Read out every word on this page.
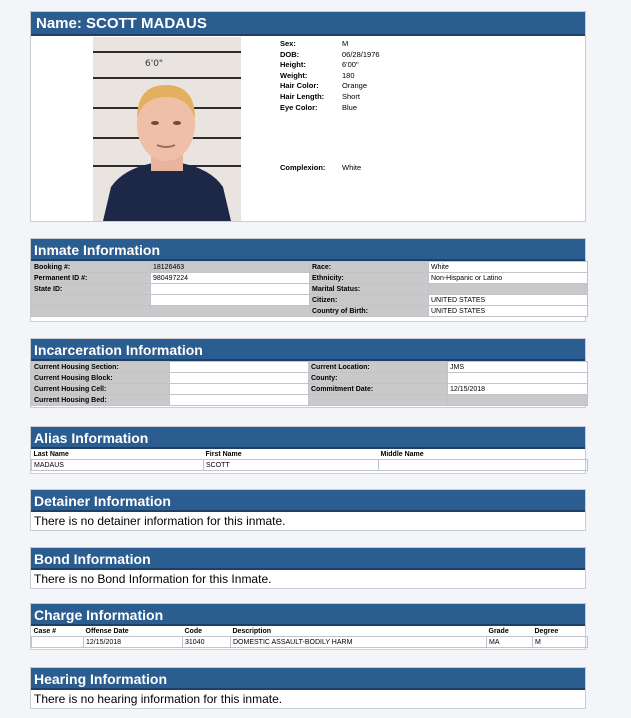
Name: SCOTT MADAUS
6'0"
Sex:	M
DOB:	06/28/1976
Height:	6'00"
Weight:	180
Hair Color:	Orange
Hair Length:	Short
Eye Color:	Blue
Complexion:	White
Inmate Information
Booking #:	18126463	Race:	White
Permanent ID #:	980497224	Ethnicity:	Non-Hispanic or Latino
State ID:		Marital Status:	
		Citizen:	UNITED STATES
		Country of Birth:	UNITED STATES
Incarceration Information
Current Housing Section:		Current Location:	JMS
Current Housing Block:		County:	
Current Housing Cell:		Commitment Date:	12/15/2018
Current Housing Bed:			
Alias Information
Last Name	First Name	Middle Name
MADAUS	SCOTT	
Detainer Information
There is no detainer information for this inmate.
Bond Information
There is no Bond Information for this Inmate.
Charge Information
Case #	Offense Date	Code	Description	Grade	Degree
	12/15/2018	31040	DOMESTIC ASSAULT-BODILY HARM	MA	M
Hearing Information
There is no hearing information for this inmate.
